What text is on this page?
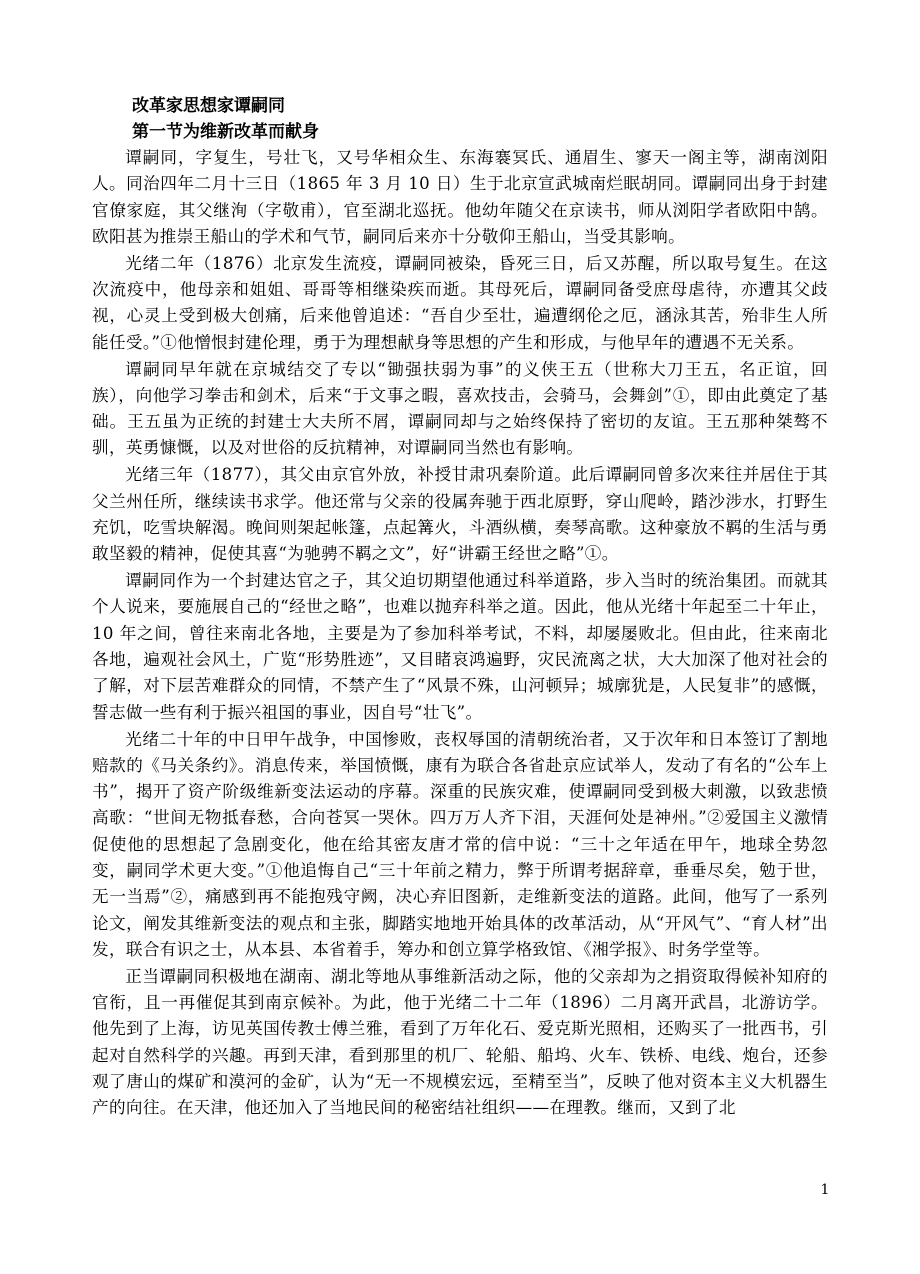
改革家思想家谭嗣同
第一节为维新改革而献身

谭嗣同，字复生，号壮飞，又号华相众生、东海褰冥氏、通眉生、寥天一阁主等，湖南浏阳人。同治四年二月十三日（1865 年 3 月 10 日）生于北京宣武城南烂眠胡同。谭嗣同出身于封建官僚家庭，其父继洵（字敬甫），官至湖北巡抚。他幼年随父在京读书，师从浏阳学者欧阳中鹄。欧阳甚为推崇王船山的学术和气节，嗣同后来亦十分敬仰王船山，当受其影响。

光绪二年（1876）北京发生流疫，谭嗣同被染，昏死三日，后又苏醒，所以取号复生。在这次流疫中，他母亲和姐姐、哥哥等相继染疾而逝。其母死后，谭嗣同备受庶母虐待，亦遭其父歧视，心灵上受到极大创痛，后来他曾追述：“吾自少至壮，遍遭纲伦之厄，涵泳其苦，殆非生人所能任受。”①他憎恨封建伦理，勇于为理想献身等思想的产生和形成，与他早年的遭遇不无关系。

谭嗣同早年就在京城结交了专以“锄强扶弱为事”的义侠王五（世称大刀王五，名正谊，回族），向他学习拳击和剑术，后来“于文事之暇，喜欢技击，会骑马，会舞剑”①，即由此奠定了基础。王五虽为正统的封建士大夫所不屑，谭嗣同却与之始终保持了密切的友谊。王五那种桀骜不驯，英勇慷慨，以及对世俗的反抗精神，对谭嗣同当然也有影响。

光绪三年（1877），其父由京官外放，补授甘肃巩秦阶道。此后谭嗣同曾多次来往并居住于其父兰州任所，继续读书求学。他还常与父亲的役属奔驰于西北原野，穿山爬岭，踏沙涉水，打野生充饥，吃雪块解渴。晚间则架起帐篷，点起篝火，斗酒纵横，奏琴高歌。这种豪放不羁的生活与勇敢坚毅的精神，促使其喜“为驰骋不羁之文”，好“讲霸王经世之略”①。

谭嗣同作为一个封建达官之子，其父迫切期望他通过科举道路，步入当时的统治集团。而就其个人说来，要施展自己的“经世之略”，也难以抛弃科举之道。因此，他从光绪十年起至二十年止，10 年之间，曾往来南北各地，主要是为了参加科举考试，不料，却屡屡败北。但由此，往来南北各地，遍观社会风土，广览“形势胜迹”，又目睹哀鸿遍野，灾民流离之状，大大加深了他对社会的了解，对下层苦难群众的同情，不禁产生了“风景不殊，山河顿异；城廓犹是，人民复非”的感慨，誓志做一些有利于振兴祖国的事业，因自号“壮飞”。

光绪二十年的中日甲午战争，中国惨败，丧权辱国的清朝统治者，又于次年和日本签订了割地赔款的《马关条约》。消息传来，举国愤慨，康有为联合各省赴京应试举人，发动了有名的“公车上书”，揭开了资产阶级维新变法运动的序幕。深重的民族灾难，使谭嗣同受到极大刺激，以致悲愤高歌：“世间无物抵春愁，合向苍冥一哭休。四万万人齐下泪，天涯何处是神州。”②爱国主义激情促使他的思想起了急剧变化，他在给其密友唐才常的信中说：“三十之年适在甲午，地球全势忽变，嗣同学术更大变。”①他追悔自己“三十年前之精力，弊于所谓考据辞章，垂垂尽矣，勉于世，无一当焉”②，痛感到再不能抱残守阙，决心弃旧图新，走维新变法的道路。此间，他写了一系列论文，阐发其维新变法的观点和主张，脚踏实地地开始具体的改革活动，从“开风气”、“育人材”出发，联合有识之士，从本县、本省着手，筹办和创立算学格致馆、《湘学报》、时务学堂等。

正当谭嗣同积极地在湖南、湖北等地从事维新活动之际，他的父亲却为之捐资取得候补知府的官衔，且一再催促其到南京候补。为此，他于光绪二十二年（1896）二月离开武昌，北游访学。他先到了上海，访见英国传教士傅兰雅，看到了万年化石、爱克斯光照相，还购买了一批西书，引起对自然科学的兴趣。再到天津，看到那里的机厂、轮船、船坞、火车、铁桥、电线、炮台，还参观了唐山的煤矿和漠河的金矿，认为“无一不规模宏远，至精至当”，反映了他对资本主义大机器生产的向往。在天津，他还加入了当地民间的秘密结社组织——在理教。继而，又到了北

1
